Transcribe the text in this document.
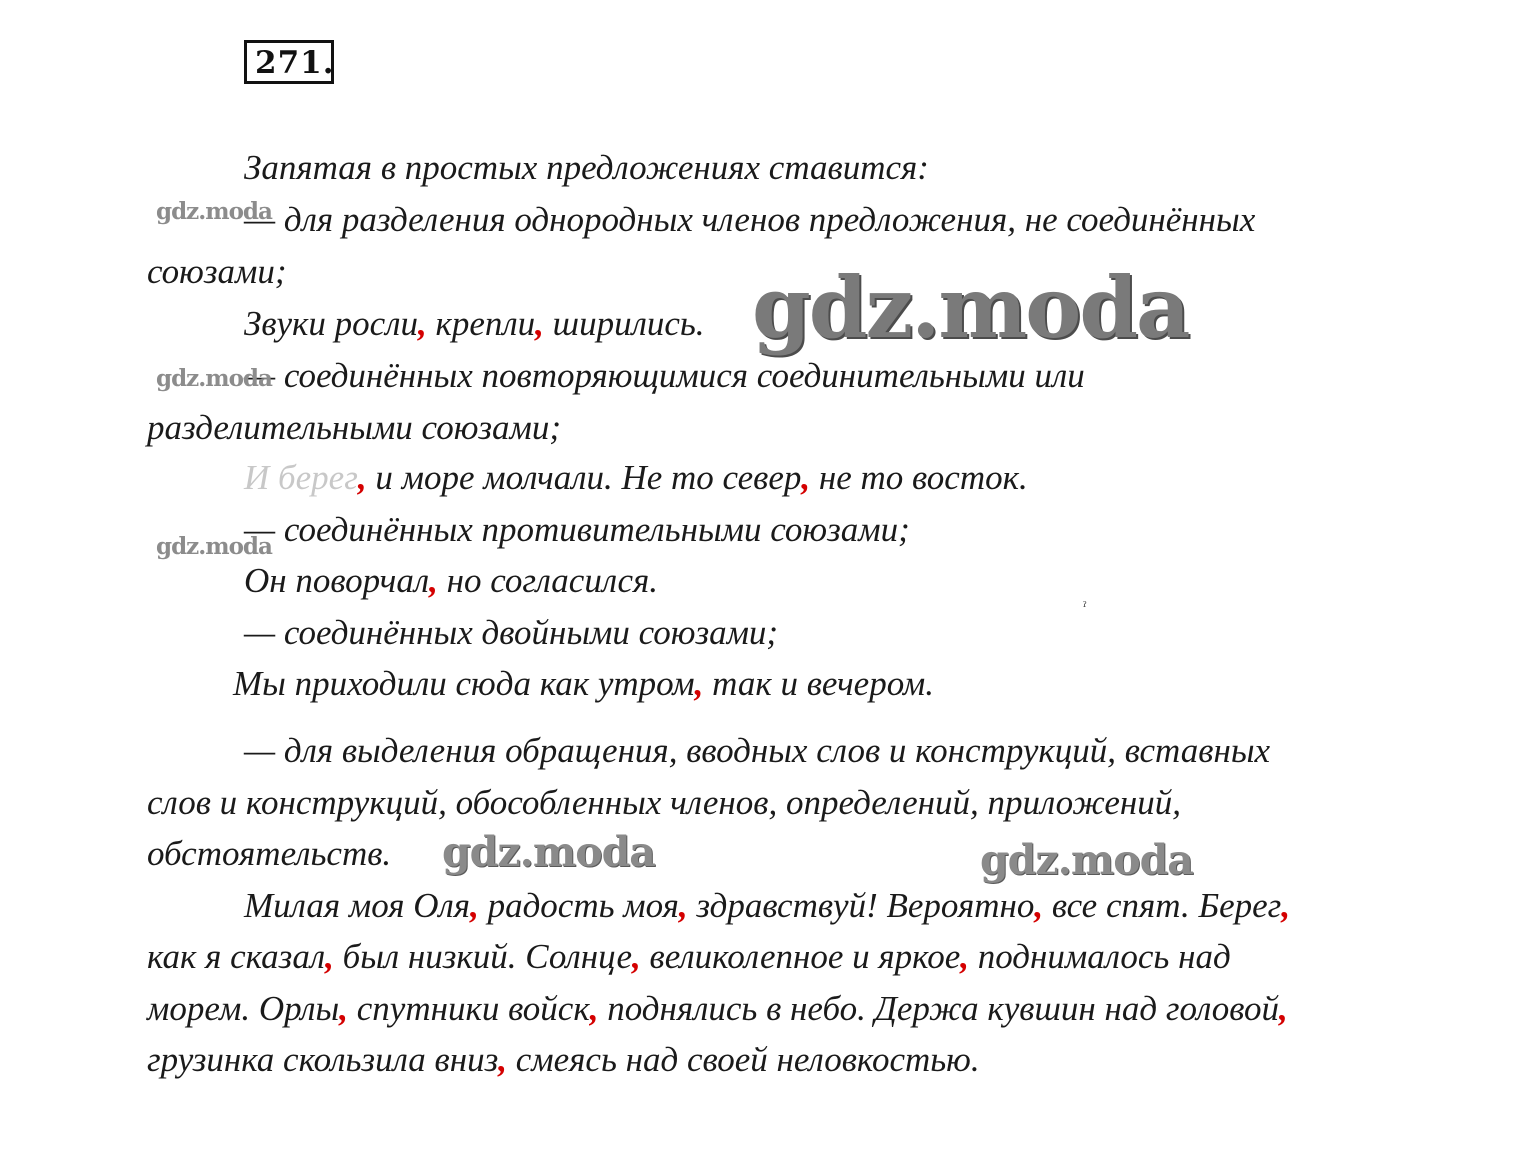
271.
Запятая в простых предложениях ставится:
— для разделения однородных членов предложения, не соединённых
союзами;
Звуки росли, крепли, ширились.
— соединённых повторяющимися соединительными или
разделительными союзами;
И берег, и море молчали. Не то север, не то восток.
— соединённых противительными союзами;
Он поворчал, но согласился.
— соединённых двойными союзами;
Мы приходили сюда как утром, так и вечером.
— для выделения обращения, вводных слов и конструкций, вставных
слов и конструкций, обособленных членов, определений, приложений,
обстоятельств.
Милая моя Оля, радость моя, здравствуй! Вероятно, все спят. Берег,
как я сказал, был низкий. Солнце, великолепное и яркое, поднималось над
морем. Орлы, спутники войск, поднялись в небо. Держа кувшин над головой,
грузинка скользила вниз, смеясь над своей неловкостью.
gdz.moda
gdz.moda
gdz.moda
gdz.moda
gdz.moda	gdz.moda
ˀ
